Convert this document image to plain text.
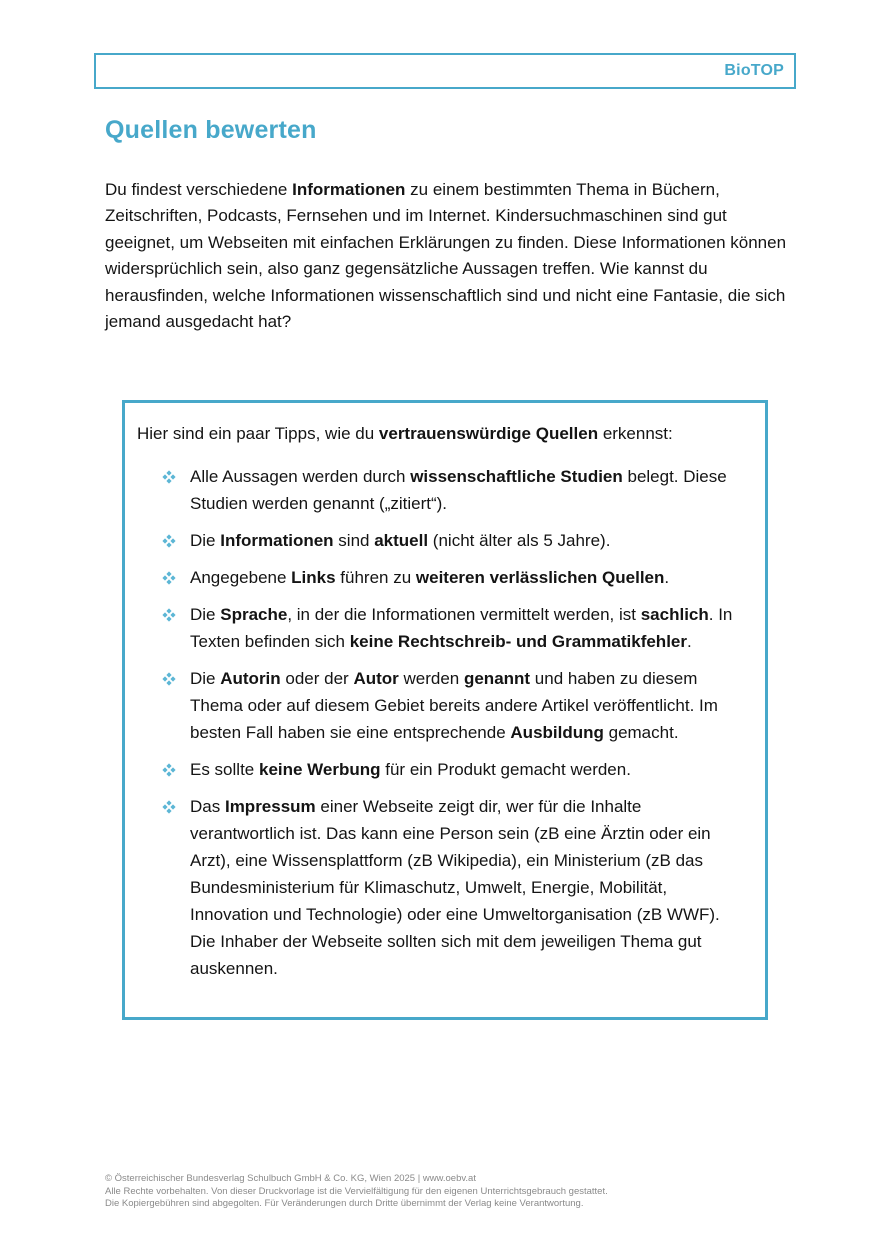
BioTOP
Quellen bewerten

Du findest verschiedene Informationen zu einem bestimmten Thema in Büchern, Zeitschriften, Podcasts, Fernsehen und im Internet. Kindersuchmaschinen sind gut geeignet, um Webseiten mit einfachen Erklärungen zu finden. Diese Informationen können widersprüchlich sein, also ganz gegensätzliche Aussagen treffen. Wie kannst du herausfinden, welche Informationen wissenschaftlich sind und nicht eine Fantasie, die sich jemand ausgedacht hat?

Hier sind ein paar Tipps, wie du vertrauenswürdige Quellen erkennst:

Alle Aussagen werden durch wissenschaftliche Studien belegt. Diese Studien werden genannt („zitiert“).
Die Informationen sind aktuell (nicht älter als 5 Jahre).
Angegebene Links führen zu weiteren verlässlichen Quellen.
Die Sprache, in der die Informationen vermittelt werden, ist sachlich. In Texten befinden sich keine Rechtschreib- und Grammatikfehler.
Die Autorin oder der Autor werden genannt und haben zu diesem Thema oder auf diesem Gebiet bereits andere Artikel veröffentlicht. Im besten Fall haben sie eine entsprechende Ausbildung gemacht.
Es sollte keine Werbung für ein Produkt gemacht werden.
Das Impressum einer Webseite zeigt dir, wer für die Inhalte verantwortlich ist. Das kann eine Person sein (zB eine Ärztin oder ein Arzt), eine Wissensplattform (zB Wikipedia), ein Ministerium (zB das Bundesministerium für Klimaschutz, Umwelt, Energie, Mobilität, Innovation und Technologie) oder eine Umweltorganisation (zB WWF). Die Inhaber der Webseite sollten sich mit dem jeweiligen Thema gut auskennen.
© Österreichischer Bundesverlag Schulbuch GmbH & Co. KG, Wien 2025 | www.oebv.at
Alle Rechte vorbehalten. Von dieser Druckvorlage ist die Vervielfältigung für den eigenen Unterrichtsgebrauch gestattet.
Die Kopiergebühren sind abgegolten. Für Veränderungen durch Dritte übernimmt der Verlag keine Verantwortung.
